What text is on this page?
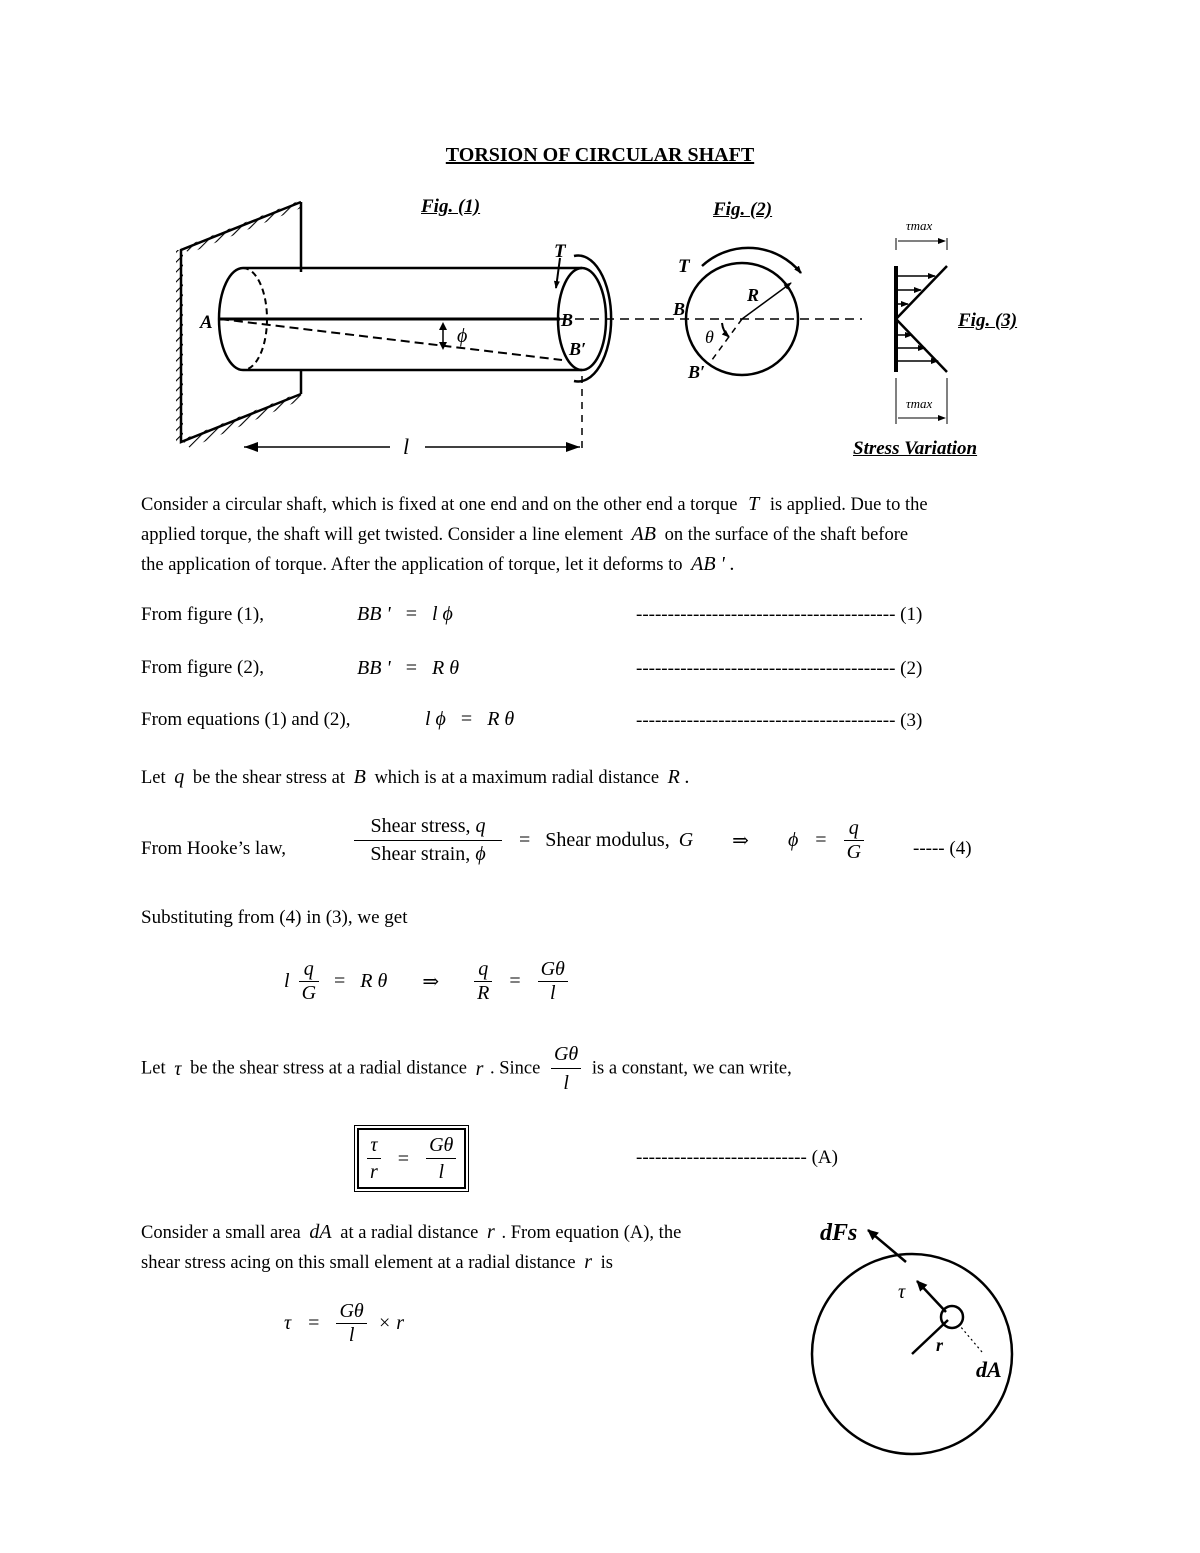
TORSION OF CIRCULAR SHAFT
A
T
B
B′
ϕ
l
T
B
B′
R
θ
τmax
τmax
Fig. (1)	Fig. (2)
Fig. (3)
Stress Variation
Consider a circular shaft, which is fixed at one end and on the other end a torque T is applied. Due to the
applied torque, the shaft will get twisted. Consider a line element AB on the surface of the shaft before
the application of torque. After the application of torque, let it deforms to AB ' .
From figure (1),	BB ' = l ϕ	----------------------------------------- (1)
From figure (2),	BB ' = R θ	----------------------------------------- (2)
From equations (1) and (2),	l ϕ = R θ	----------------------------------------- (3)
Let q be the shear stress at B which is at a maximum radial distance R .
From Hooke’s law,	$\frac{\text{Shear stress, q}}{\text{Shear strain, ϕ}}$ = Shear modulus, G ⇒ $\phi = \frac{q}{G}$	----- (4)
Substituting from (4) in (3), we get
l $\frac{q}{G} = R$ θ ⇒ $\frac{q}{R} = \frac{G\theta}{l}$
Let τ be the shear stress at a radial distance r . Since $\frac{G\theta}{l}$ is a constant, we can write,
$\frac{\tau}{r} = \frac{G\theta}{l}$	--------------------------- (A)
Consider a small area dA at a radial distance r . From equation (A), the
shear stress acing on this small element at a radial distance r is
$\tau = \frac{G\theta}{l} \times r$
dFs
τ
r
dA
